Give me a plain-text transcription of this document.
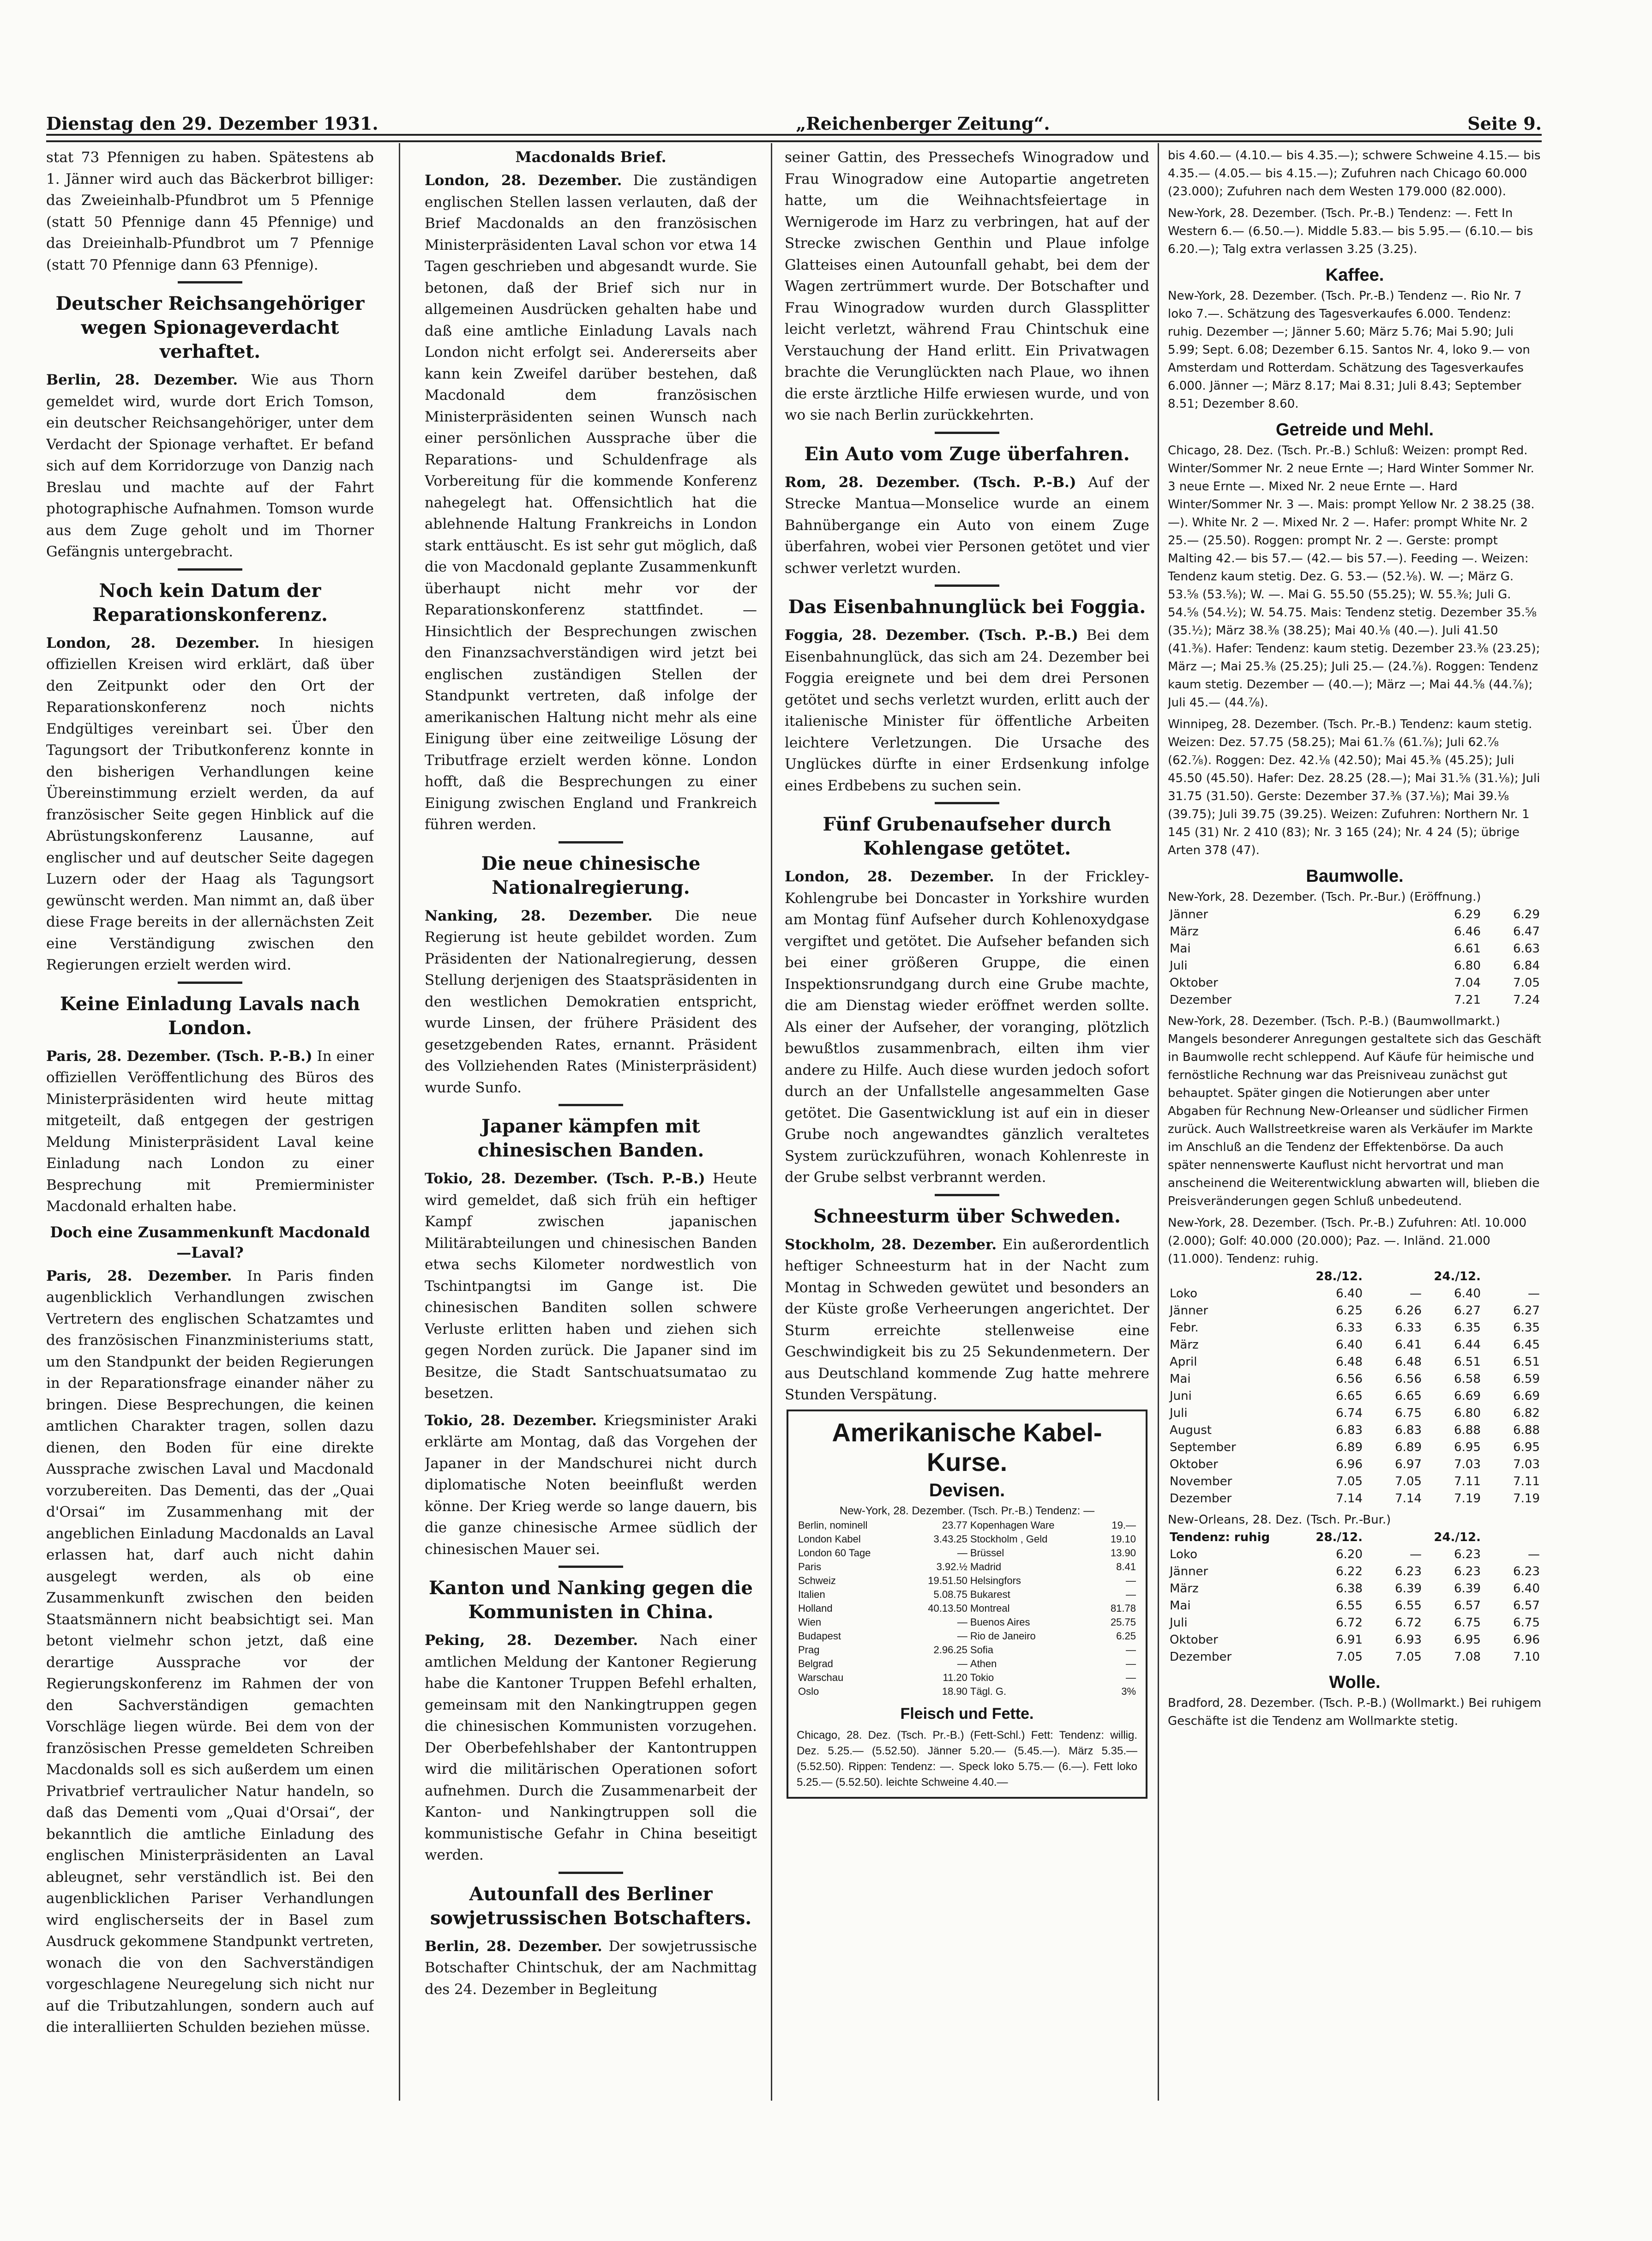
Dienstag den 29. Dezember 1931.	„Reichenberger Zeitung“.	Seite 9.

stat 73 Pfennigen zu haben. Spätestens ab 1. Jänner wird auch das Bäckerbrot billiger: das Zweieinhalb-Pfundbrot um 5 Pfennige (statt 50 Pfennige dann 45 Pfennige) und das Dreieinhalb-Pfundbrot um 7 Pfennige (statt 70 Pfennige dann 63 Pfennige).

Deutscher Reichsangehöriger wegen Spionageverdacht verhaftet.

Berlin, 28. Dezember. Wie aus Thorn gemeldet wird, wurde dort Erich Tomson, ein deutscher Reichsangehöriger, unter dem Verdacht der Spionage verhaftet. Er befand sich auf dem Korridorzuge von Danzig nach Breslau und machte auf der Fahrt photographische Aufnahmen. Tomson wurde aus dem Zuge geholt und im Thorner Gefängnis untergebracht.

Noch kein Datum der Reparationskonferenz.

London, 28. Dezember. In hiesigen offiziellen Kreisen wird erklärt, daß über den Zeitpunkt oder den Ort der Reparationskonferenz noch nichts Endgültiges vereinbart sei. Über den Tagungsort der Tributkonferenz konnte in den bisherigen Verhandlungen keine Übereinstimmung erzielt werden, da auf französischer Seite gegen Hinblick auf die Abrüstungskonferenz Lausanne, auf englischer und auf deutscher Seite dagegen Luzern oder der Haag als Tagungsort gewünscht werden. Man nimmt an, daß über diese Frage bereits in der allernächsten Zeit eine Verständigung zwischen den Regierungen erzielt werden wird.

Keine Einladung Lavals nach London.

Paris, 28. Dezember. (Tsch. P.-B.) In einer offiziellen Veröffentlichung des Büros des Ministerpräsidenten wird heute mittag mitgeteilt, daß entgegen der gestrigen Meldung Ministerpräsident Laval keine Einladung nach London zu einer Besprechung mit Premierminister Macdonald erhalten habe.

Doch eine Zusammenkunft Macdonald—Laval?

Paris, 28. Dezember. In Paris finden augenblicklich Verhandlungen zwischen Vertretern des englischen Schatzamtes und des französischen Finanzministeriums statt, um den Standpunkt der beiden Regierungen in der Reparationsfrage einander näher zu bringen. Diese Besprechungen, die keinen amtlichen Charakter tragen, sollen dazu dienen, den Boden für eine direkte Aussprache zwischen Laval und Macdonald vorzubereiten. Das Dementi, das der „Quai d'Orsai“ im Zusammenhang mit der angeblichen Einladung Macdonalds an Laval erlassen hat, darf auch nicht dahin ausgelegt werden, als ob eine Zusammenkunft zwischen den beiden Staatsmännern nicht beabsichtigt sei. Man betont vielmehr schon jetzt, daß eine derartige Aussprache vor der Regierungskonferenz im Rahmen der von den Sachverständigen gemachten Vorschläge liegen würde. Bei dem von der französischen Presse gemeldeten Schreiben Macdonalds soll es sich außerdem um einen Privatbrief vertraulicher Natur handeln, so daß das Dementi vom „Quai d'Orsai“, der bekanntlich die amtliche Einladung des englischen Ministerpräsidenten an Laval ableugnet, sehr verständlich ist. Bei den augenblicklichen Pariser Verhandlungen wird englischerseits der in Basel zum Ausdruck gekommene Standpunkt vertreten, wonach die von den Sachverständigen vorgeschlagene Neuregelung sich nicht nur auf die Tributzahlungen, sondern auch auf die interalliierten Schulden beziehen müsse.

Macdonalds Brief.

London, 28. Dezember. Die zuständigen englischen Stellen lassen verlauten, daß der Brief Macdonalds an den französischen Ministerpräsidenten Laval schon vor etwa 14 Tagen geschrieben und abgesandt wurde. Sie betonen, daß der Brief sich nur in allgemeinen Ausdrücken gehalten habe und daß eine amtliche Einladung Lavals nach London nicht erfolgt sei. Andererseits aber kann kein Zweifel darüber bestehen, daß Macdonald dem französischen Ministerpräsidenten seinen Wunsch nach einer persönlichen Aussprache über die Reparations- und Schuldenfrage als Vorbereitung für die kommende Konferenz nahegelegt hat. Offensichtlich hat die ablehnende Haltung Frankreichs in London stark enttäuscht. Es ist sehr gut möglich, daß die von Macdonald geplante Zusammenkunft überhaupt nicht mehr vor der Reparationskonferenz stattfindet. — Hinsichtlich der Besprechungen zwischen den Finanzsachverständigen wird jetzt bei englischen zuständigen Stellen der Standpunkt vertreten, daß infolge der amerikanischen Haltung nicht mehr als eine Einigung über eine zeitweilige Lösung der Tributfrage erzielt werden könne. London hofft, daß die Besprechungen zu einer Einigung zwischen England und Frankreich führen werden.

Die neue chinesische Nationalregierung.

Nanking, 28. Dezember. Die neue Regierung ist heute gebildet worden. Zum Präsidenten der Nationalregierung, dessen Stellung derjenigen des Staatspräsidenten in den westlichen Demokratien entspricht, wurde Linsen, der frühere Präsident des gesetzgebenden Rates, ernannt. Präsident des Vollziehenden Rates (Ministerpräsident) wurde Sunfo.

Japaner kämpfen mit chinesischen Banden.

Tokio, 28. Dezember. (Tsch. P.-B.) Heute wird gemeldet, daß sich früh ein heftiger Kampf zwischen japanischen Militärabteilungen und chinesischen Banden etwa sechs Kilometer nordwestlich von Tschintpangtsi im Gange ist. Die chinesischen Banditen sollen schwere Verluste erlitten haben und ziehen sich gegen Norden zurück. Die Japaner sind im Besitze, die Stadt Santschuatsumatao zu besetzen.

Tokio, 28. Dezember. Kriegsminister Araki erklärte am Montag, daß das Vorgehen der Japaner in der Mandschurei nicht durch diplomatische Noten beeinflußt werden könne. Der Krieg werde so lange dauern, bis die ganze chinesische Armee südlich der chinesischen Mauer sei.

Kanton und Nanking gegen die Kommunisten in China.

Peking, 28. Dezember. Nach einer amtlichen Meldung der Kantoner Regierung habe die Kantoner Truppen Befehl erhalten, gemeinsam mit den Nankingtruppen gegen die chinesischen Kommunisten vorzugehen. Der Oberbefehlshaber der Kantontruppen wird die militärischen Operationen sofort aufnehmen. Durch die Zusammenarbeit der Kanton- und Nankingtruppen soll die kommunistische Gefahr in China beseitigt werden.

Autounfall des Berliner sowjetrussischen Botschafters.

Berlin, 28. Dezember. Der sowjetrussische Botschafter Chintschuk, der am Nachmittag des 24. Dezember in Begleitung

seiner Gattin, des Pressechefs Winogradow und Frau Winogradow eine Autopartie angetreten hatte, um die Weihnachtsfeiertage in Wernigerode im Harz zu verbringen, hat auf der Strecke zwischen Genthin und Plaue infolge Glatteises einen Autounfall gehabt, bei dem der Wagen zertrümmert wurde. Der Botschafter und Frau Winogradow wurden durch Glassplitter leicht verletzt, während Frau Chintschuk eine Verstauchung der Hand erlitt. Ein Privatwagen brachte die Verunglückten nach Plaue, wo ihnen die erste ärztliche Hilfe erwiesen wurde, und von wo sie nach Berlin zurückkehrten.

Ein Auto vom Zuge überfahren.

Rom, 28. Dezember. (Tsch. P.-B.) Auf der Strecke Mantua—Monselice wurde an einem Bahnübergange ein Auto von einem Zuge überfahren, wobei vier Personen getötet und vier schwer verletzt wurden.

Das Eisenbahnunglück bei Foggia.

Foggia, 28. Dezember. (Tsch. P.-B.) Bei dem Eisenbahnunglück, das sich am 24. Dezember bei Foggia ereignete und bei dem drei Personen getötet und sechs verletzt wurden, erlitt auch der italienische Minister für öffentliche Arbeiten leichtere Verletzungen. Die Ursache des Unglückes dürfte in einer Erdsenkung infolge eines Erdbebens zu suchen sein.

Fünf Grubenaufseher durch Kohlengase getötet.

London, 28. Dezember. In der Frickley-Kohlengrube bei Doncaster in Yorkshire wurden am Montag fünf Aufseher durch Kohlenoxydgase vergiftet und getötet. Die Aufseher befanden sich bei einer größeren Gruppe, die einen Inspektionsrundgang durch eine Grube machte, die am Dienstag wieder eröffnet werden sollte. Als einer der Aufseher, der voranging, plötzlich bewußtlos zusammenbrach, eilten ihm vier andere zu Hilfe. Auch diese wurden jedoch sofort durch an der Unfallstelle angesammelten Gase getötet. Die Gasentwicklung ist auf ein in dieser Grube noch angewandtes gänzlich veraltetes System zurückzuführen, wonach Kohlenreste in der Grube selbst verbrannt werden.

Schneesturm über Schweden.

Stockholm, 28. Dezember. Ein außerordentlich heftiger Schneesturm hat in der Nacht zum Montag in Schweden gewütet und besonders an der Küste große Verheerungen angerichtet. Der Sturm erreichte stellenweise eine Geschwindigkeit bis zu 25 Sekundenmetern. Der aus Deutschland kommende Zug hatte mehrere Stunden Verspätung.

Amerikanische Kabel-Kurse.
Devisen.
New-York, 28. Dezember. (Tsch. Pr.-B.) Tendenz: —
Berlin, nominell	23.77	Kopenhagen Ware	19.—
London Kabel	3.43.25	Stockholm , Geld	19.10
London 60 Tage	—	Brüssel	13.90
Paris	3.92.½	Madrid	8.41
Schweiz	19.51.50	Helsingfors	—
Italien	5.08.75	Bukarest	—
Holland	40.13.50	Montreal	81.78
Wien	—	Buenos Aires	25.75
Budapest	—	Rio de Janeiro	6.25
Prag	2.96.25	Sofia	—
Belgrad	—	Athen	—
Warschau	11.20	Tokio	—
Oslo	18.90	Tägl. G.	3%
Fleisch und Fette.

Chicago, 28. Dez. (Tsch. Pr.-B.) (Fett-Schl.) Fett: Tendenz: willig. Dez. 5.25.— (5.52.50). Jänner 5.20.— (5.45.—). März 5.35.— (5.52.50). Rippen: Tendenz: —. Speck loko 5.75.— (6.—). Fett loko 5.25.— (5.52.50). leichte Schweine 4.40.—

bis 4.60.— (4.10.— bis 4.35.—); schwere Schweine 4.15.— bis 4.35.— (4.05.— bis 4.15.—); Zufuhren nach Chicago 60.000 (23.000); Zufuhren nach dem Westen 179.000 (82.000).

New-York, 28. Dezember. (Tsch. Pr.-B.) Tendenz: —. Fett In Western 6.— (6.50.—). Middle 5.83.— bis 5.95.— (6.10.— bis 6.20.—); Talg extra verlassen 3.25 (3.25).

Kaffee.

New-York, 28. Dezember. (Tsch. Pr.-B.) Tendenz —. Rio Nr. 7 loko 7.—. Schätzung des Tagesverkaufes 6.000. Tendenz: ruhig. Dezember —; Jänner 5.60; März 5.76; Mai 5.90; Juli 5.99; Sept. 6.08; Dezember 6.15. Santos Nr. 4, loko 9.— von Amsterdam und Rotterdam. Schätzung des Tagesverkaufes 6.000. Jänner —; März 8.17; Mai 8.31; Juli 8.43; September 8.51; Dezember 8.60.

Getreide und Mehl.

Chicago, 28. Dez. (Tsch. Pr.-B.) Schluß: Weizen: prompt Red. Winter/Sommer Nr. 2 neue Ernte —; Hard Winter Sommer Nr. 3 neue Ernte —. Mixed Nr. 2 neue Ernte —. Hard Winter/Sommer Nr. 3 —. Mais: prompt Yellow Nr. 2 38.25 (38.—). White Nr. 2 —. Mixed Nr. 2 —. Hafer: prompt White Nr. 2 25.— (25.50). Roggen: prompt Nr. 2 —. Gerste: prompt Malting 42.— bis 57.— (42.— bis 57.—). Feeding —. Weizen: Tendenz kaum stetig. Dez. G. 53.— (52.⅛). W. —; März G. 53.⅝ (53.⅝); W. —. Mai G. 55.50 (55.25); W. 55.⅜; Juli G. 54.⅝ (54.½); W. 54.75. Mais: Tendenz stetig. Dezember 35.⅝ (35.½); März 38.⅜ (38.25); Mai 40.⅛ (40.—). Juli 41.50 (41.⅜). Hafer: Tendenz: kaum stetig. Dezember 23.⅜ (23.25); März —; Mai 25.⅜ (25.25); Juli 25.— (24.⅞). Roggen: Tendenz kaum stetig. Dezember — (40.—); März —; Mai 44.⅝ (44.⅞); Juli 45.— (44.⅞).

Winnipeg, 28. Dezember. (Tsch. Pr.-B.) Tendenz: kaum stetig. Weizen: Dez. 57.75 (58.25); Mai 61.⅞ (61.⅞); Juli 62.⅞ (62.⅞). Roggen: Dez. 42.⅛ (42.50); Mai 45.⅜ (45.25); Juli 45.50 (45.50). Hafer: Dez. 28.25 (28.—); Mai 31.⅝ (31.⅛); Juli 31.75 (31.50). Gerste: Dezember 37.⅜ (37.⅛); Mai 39.⅛ (39.75); Juli 39.75 (39.25). Weizen: Zufuhren: Northern Nr. 1 145 (31) Nr. 2 410 (83); Nr. 3 165 (24); Nr. 4 24 (5); übrige Arten 378 (47).

Baumwolle.

New-York, 28. Dezember. (Tsch. Pr.-Bur.) (Eröffnung.)

Jänner	6.29	6.29
März	6.46	6.47
Mai	6.61	6.63
Juli	6.80	6.84
Oktober	7.04	7.05
Dezember	7.21	7.24

New-York, 28. Dezember. (Tsch. P.-B.) (Baumwollmarkt.) Mangels besonderer Anregungen gestaltete sich das Geschäft in Baumwolle recht schleppend. Auf Käufe für heimische und fernöstliche Rechnung war das Preisniveau zunächst gut behauptet. Später gingen die Notierungen aber unter Abgaben für Rechnung New-Orleanser und südlicher Firmen zurück. Auch Wallstreetkreise waren als Verkäufer im Markte im Anschluß an die Tendenz der Effektenbörse. Da auch später nennenswerte Kauflust nicht hervortrat und man anscheinend die Weiterentwicklung abwarten will, blieben die Preisveränderungen gegen Schluß unbedeutend.

New-York, 28. Dezember. (Tsch. Pr.-B.) Zufuhren: Atl. 10.000 (2.000); Golf: 40.000 (20.000); Paz. —. Inländ. 21.000 (11.000). Tendenz: ruhig.

	28./12.		24./12.	
Loko	6.40	—	6.40	—
Jänner	6.25	6.26	6.27	6.27
Febr.	6.33	6.33	6.35	6.35
März	6.40	6.41	6.44	6.45
April	6.48	6.48	6.51	6.51
Mai	6.56	6.56	6.58	6.59
Juni	6.65	6.65	6.69	6.69
Juli	6.74	6.75	6.80	6.82
August	6.83	6.83	6.88	6.88
September	6.89	6.89	6.95	6.95
Oktober	6.96	6.97	7.03	7.03
November	7.05	7.05	7.11	7.11
Dezember	7.14	7.14	7.19	7.19

New-Orleans, 28. Dez. (Tsch. Pr.-Bur.)

Tendenz: ruhig	28./12.		24./12.	
Loko	6.20	—	6.23	—
Jänner	6.22	6.23	6.23	6.23
März	6.38	6.39	6.39	6.40
Mai	6.55	6.55	6.57	6.57
Juli	6.72	6.72	6.75	6.75
Oktober	6.91	6.93	6.95	6.96
Dezember	7.05	7.05	7.08	7.10
Wolle.

Bradford, 28. Dezember. (Tsch. P.-B.) (Wollmarkt.) Bei ruhigem Geschäfte ist die Tendenz am Wollmarkte stetig.
